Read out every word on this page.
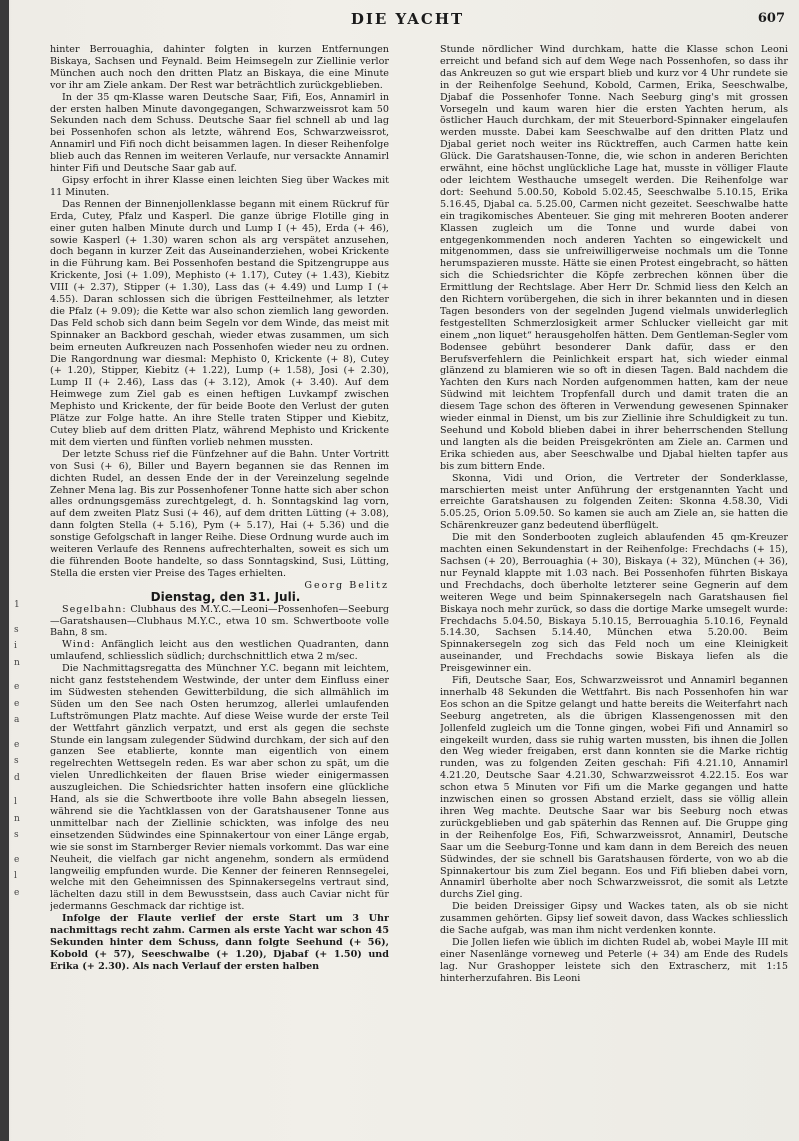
DIE YACHT	607
1
s
i
n
e
e
a
e
s
d
l
n
s
e
l
e

hinter Berrouaghia, dahinter folgten in kurzen Entfernungen Biskaya, Sachsen und Feynald. Beim Heimsegeln zur Ziellinie verlor München auch noch den dritten Platz an Biskaya, die eine Minute vor ihr am Ziele ankam. Der Rest war beträchtlich zurückgeblieben.

In der 35 qm-Klasse waren Deutsche Saar, Fifi, Eos, Annamirl in der ersten halben Minute davongegangen, Schwarzweissrot kam 50 Sekunden nach dem Schuss. Deutsche Saar fiel schnell ab und lag bei Possenhofen schon als letzte, während Eos, Schwarzweissrot, Annamirl und Fifi noch dicht beisammen lagen. In dieser Reihenfolge blieb auch das Rennen im weiteren Verlaufe, nur versackte Annamirl hinter Fifi und Deutsche Saar gab auf.

Gipsy erfocht in ihrer Klasse einen leichten Sieg über Wackes mit 11 Minuten.

Das Rennen der Binnenjollenklasse begann mit einem Rückruf für Erda, Cutey, Pfalz und Kasperl. Die ganze übrige Flotille ging in einer guten halben Minute durch und Lump I (+ 45), Erda (+ 46), sowie Kasperl (+ 1.30) waren schon als arg verspätet anzusehen, doch begann in kurzer Zeit das Auseinanderziehen, wobei Krickente in die Führung kam. Bei Possenhofen bestand die Spitzengruppe aus Krickente, Josi (+ 1.09), Mephisto (+ 1.17), Cutey (+ 1.43), Kiebitz VIII (+ 2.37), Stipper (+ 1.30), Lass das (+ 4.49) und Lump I (+ 4.55). Daran schlossen sich die übrigen Festteilnehmer, als letzter die Pfalz (+ 9.09); die Kette war also schon ziemlich lang geworden. Das Feld schob sich dann beim Segeln vor dem Winde, das meist mit Spinnaker an Backbord geschah, wieder etwas zusammen, um sich beim erneuten Aufkreuzen nach Possenhofen wieder neu zu ordnen. Die Rangordnung war diesmal: Mephisto 0, Krickente (+ 8), Cutey (+ 1.20), Stipper, Kiebitz (+ 1.22), Lump (+ 1.58), Josi (+ 2.30), Lump II (+ 2.46), Lass das (+ 3.12), Amok (+ 3.40). Auf dem Heimwege zum Ziel gab es einen heftigen Luvkampf zwischen Mephisto und Krickente, der für beide Boote den Verlust der guten Plätze zur Folge hatte. An ihre Stelle traten Stipper und Kiebitz, Cutey blieb auf dem dritten Platz, während Mephisto und Krickente mit dem vierten und fünften vorlieb nehmen mussten.

Der letzte Schuss rief die Fünfzehner auf die Bahn. Unter Vortritt von Susi (+ 6), Biller und Bayern begannen sie das Rennen im dichten Rudel, an dessen Ende der in der Vereinzelung segelnde Zehner Mena lag. Bis zur Possenhofener Tonne hatte sich aber schon alles ordnungsgemäss zurechtgelegt, d. h. Sonntagskind lag vorn, auf dem zweiten Platz Susi (+ 46), auf dem dritten Lütting (+ 3.08), dann folgten Stella (+ 5.16), Pym (+ 5.17), Hai (+ 5.36) und die sonstige Gefolgschaft in langer Reihe. Diese Ordnung wurde auch im weiteren Verlaufe des Rennens aufrechterhalten, soweit es sich um die führenden Boote handelte, so dass Sonntagskind, Susi, Lütting, Stella die ersten vier Preise des Tages erhielten.

Georg Belitz

Dienstag, den 31. Juli.

Segelbahn: Clubhaus des M.Y.C.—Leoni—Possenhofen—Seeburg—Garatshausen—Clubhaus M.Y.C., etwa 10 sm. Schwertboote volle Bahn, 8 sm.

Wind: Anfänglich leicht aus den westlichen Quadranten, dann umlaufend, schliesslich südlich; durchschnittlich etwa 2 m/sec.

Die Nachmittagsregatta des Münchner Y.C. begann mit leichtem, nicht ganz feststehendem Westwinde, der unter dem Einfluss einer im Südwesten stehenden Gewitterbildung, die sich allmählich im Süden um den See nach Osten herumzog, allerlei umlaufenden Luftströmungen Platz machte. Auf diese Weise wurde der erste Teil der Wettfahrt gänzlich verpatzt, und erst als gegen die sechste Stunde ein langsam zulegender Südwind durchkam, der sich auf den ganzen See etablierte, konnte man eigentlich von einem regelrechten Wettsegeln reden. Es war aber schon zu spät, um die vielen Unredlichkeiten der flauen Brise wieder einigermassen auszugleichen. Die Schiedsrichter hatten insofern eine glückliche Hand, als sie die Schwertboote ihre volle Bahn absegeln liessen, während sie die Yachtklassen von der Garatshausener Tonne aus unmittelbar nach der Ziellinie schickten, was infolge des neu einsetzenden Südwindes eine Spinnakertour von einer Länge ergab, wie sie sonst im Starnberger Revier niemals vorkommt. Das war eine Neuheit, die vielfach gar nicht angenehm, sondern als ermüdend langweilig empfunden wurde. Die Kenner der feineren Rennsegelei, welche mit den Geheimnissen des Spinnakersegelns vertraut sind, lächelten dazu still in dem Bewusstsein, dass auch Caviar nicht für jedermanns Geschmack dar richtige ist.

Infolge der Flaute verlief der erste Start um 3 Uhr nachmittags recht zahm. Carmen als erste Yacht war schon 45 Sekunden hinter dem Schuss, dann folgte Seehund (+ 56), Kobold (+ 57), Seeschwalbe (+ 1.20), Djabaf (+ 1.50) und Erika (+ 2.30). Als nach Verlauf der ersten halben

Stunde nördlicher Wind durchkam, hatte die Klasse schon Leoni erreicht und befand sich auf dem Wege nach Possenhofen, so dass ihr das Ankreuzen so gut wie erspart blieb und kurz vor 4 Uhr rundete sie in der Reihenfolge Seehund, Kobold, Carmen, Erika, Seeschwalbe, Djabaf die Possenhofer Tonne. Nach Seeburg ging's mit grossen Vorsegeln und kaum waren hier die ersten Yachten herum, als östlicher Hauch durchkam, der mit Steuerbord-Spinnaker eingelaufen werden musste. Dabei kam Seeschwalbe auf den dritten Platz und Djabal geriet noch weiter ins Rücktreffen, auch Carmen hatte kein Glück. Die Garatshausen-Tonne, die, wie schon in anderen Berichten erwähnt, eine höchst unglückliche Lage hat, musste in völliger Flaute oder leichtem Westhauche umsegelt werden. Die Reihenfolge war dort: Seehund 5.00.50, Kobold 5.02.45, Seeschwalbe 5.10.15, Erika 5.16.45, Djabal ca. 5.25.00, Carmen nicht gezeitet. Seeschwalbe hatte ein tragikomisches Abenteuer. Sie ging mit mehreren Booten anderer Klassen zugleich um die Tonne und wurde dabei von entgegenkommenden noch anderen Yachten so eingewickelt und mitgenommen, dass sie unfreiwilligerweise nochmals um die Tonne herumspazieren musste. Hätte sie einen Protest eingebracht, so hätten sich die Schiedsrichter die Köpfe zerbrechen können über die Ermittlung der Rechtslage. Aber Herr Dr. Schmid liess den Kelch an den Richtern vorübergehen, die sich in ihrer bekannten und in diesen Tagen besonders von der segelnden Jugend vielmals unwiderleglich festgestellten Schmerzlosigkeit armer Schlucker vielleicht gar mit einem „non liquet“ herausgeholfen hätten. Dem Gentleman-Segler vom Bodensee gebührt besonderer Dank dafür, dass er den Berufsverfehlern die Peinlichkeit erspart hat, sich wieder einmal glänzend zu blamieren wie so oft in diesen Tagen. Bald nachdem die Yachten den Kurs nach Norden aufgenommen hatten, kam der neue Südwind mit leichtem Tropfenfall durch und damit traten die an diesem Tage schon des öfteren in Verwendung gewesenen Spinnaker wieder einmal in Dienst, um bis zur Ziellinie ihre Schuldigkeit zu tun. Seehund und Kobold blieben dabei in ihrer beherrschenden Stellung und langten als die beiden Preisgekrönten am Ziele an. Carmen und Erika schieden aus, aber Seeschwalbe und Djabal hielten tapfer aus bis zum bittern Ende.

Skonna, Vidi und Orion, die Vertreter der Sonderklasse, marschierten meist unter Anführung der erstgenannten Yacht und erreichte Garatshausen zu folgenden Zeiten: Skonna 4.58.30, Vidi 5.05.25, Orion 5.09.50. So kamen sie auch am Ziele an, sie hatten die Schärenkreuzer ganz bedeutend überflügelt.

Die mit den Sonderbooten zugleich ablaufenden 45 qm-Kreuzer machten einen Sekundenstart in der Reihenfolge: Frechdachs (+ 15), Sachsen (+ 20), Berrouaghia (+ 30), Biskaya (+ 32), München (+ 36), nur Feynald klappte mit 1.03 nach. Bei Possenhofen führten Biskaya und Frechdachs, doch überholte letzterer seine Gegnerin auf dem weiteren Wege und beim Spinnakersegeln nach Garatshausen fiel Biskaya noch mehr zurück, so dass die dortige Marke umsegelt wurde: Frechdachs 5.04.50, Biskaya 5.10.15, Berrouaghia 5.10.16, Feynald 5.14.30, Sachsen 5.14.40, München etwa 5.20.00. Beim Spinnakersegeln zog sich das Feld noch um eine Kleinigkeit auseinander, und Frechdachs sowie Biskaya liefen als die Preisgewinner ein.

Fifi, Deutsche Saar, Eos, Schwarzweissrot und Annamirl begannen innerhalb 48 Sekunden die Wettfahrt. Bis nach Possenhofen hin war Eos schon an die Spitze gelangt und hatte bereits die Weiterfahrt nach Seeburg angetreten, als die übrigen Klassengenossen mit den Jollenfeld zugleich um die Tonne gingen, wobei Fifi und Annamirl so eingekeilt wurden, dass sie ruhig warten mussten, bis ihnen die Jollen den Weg wieder freigaben, erst dann konnten sie die Marke richtig runden, was zu folgenden Zeiten geschah: Fifi 4.21.10, Annamirl 4.21.20, Deutsche Saar 4.21.30, Schwarzweissrot 4.22.15. Eos war schon etwa 5 Minuten vor Fifi um die Marke gegangen und hatte inzwischen einen so grossen Abstand erzielt, dass sie völlig allein ihren Weg machte. Deutsche Saar war bis Seeburg noch etwas zurückgeblieben und gab späterhin das Rennen auf. Die Gruppe ging in der Reihenfolge Eos, Fifi, Schwarzweissrot, Annamirl, Deutsche Saar um die Seeburg-Tonne und kam dann in dem Bereich des neuen Südwindes, der sie schnell bis Garatshausen förderte, von wo ab die Spinnakertour bis zum Ziel begann. Eos und Fifi blieben dabei vorn, Annamirl überholte aber noch Schwarzweissrot, die somit als Letzte durchs Ziel ging.

Die beiden Dreissiger Gipsy und Wackes taten, als ob sie nicht zusammen gehörten. Gipsy lief soweit davon, dass Wackes schliesslich die Sache aufgab, was man ihm nicht verdenken konnte.

Die Jollen liefen wie üblich im dichten Rudel ab, wobei Mayle III mit einer Nasenlänge vorneweg und Peterle (+ 34) am Ende des Rudels lag. Nur Grashopper leistete sich den Extrascherz, mit 1:15 hinterherzufahren. Bis Leoni
